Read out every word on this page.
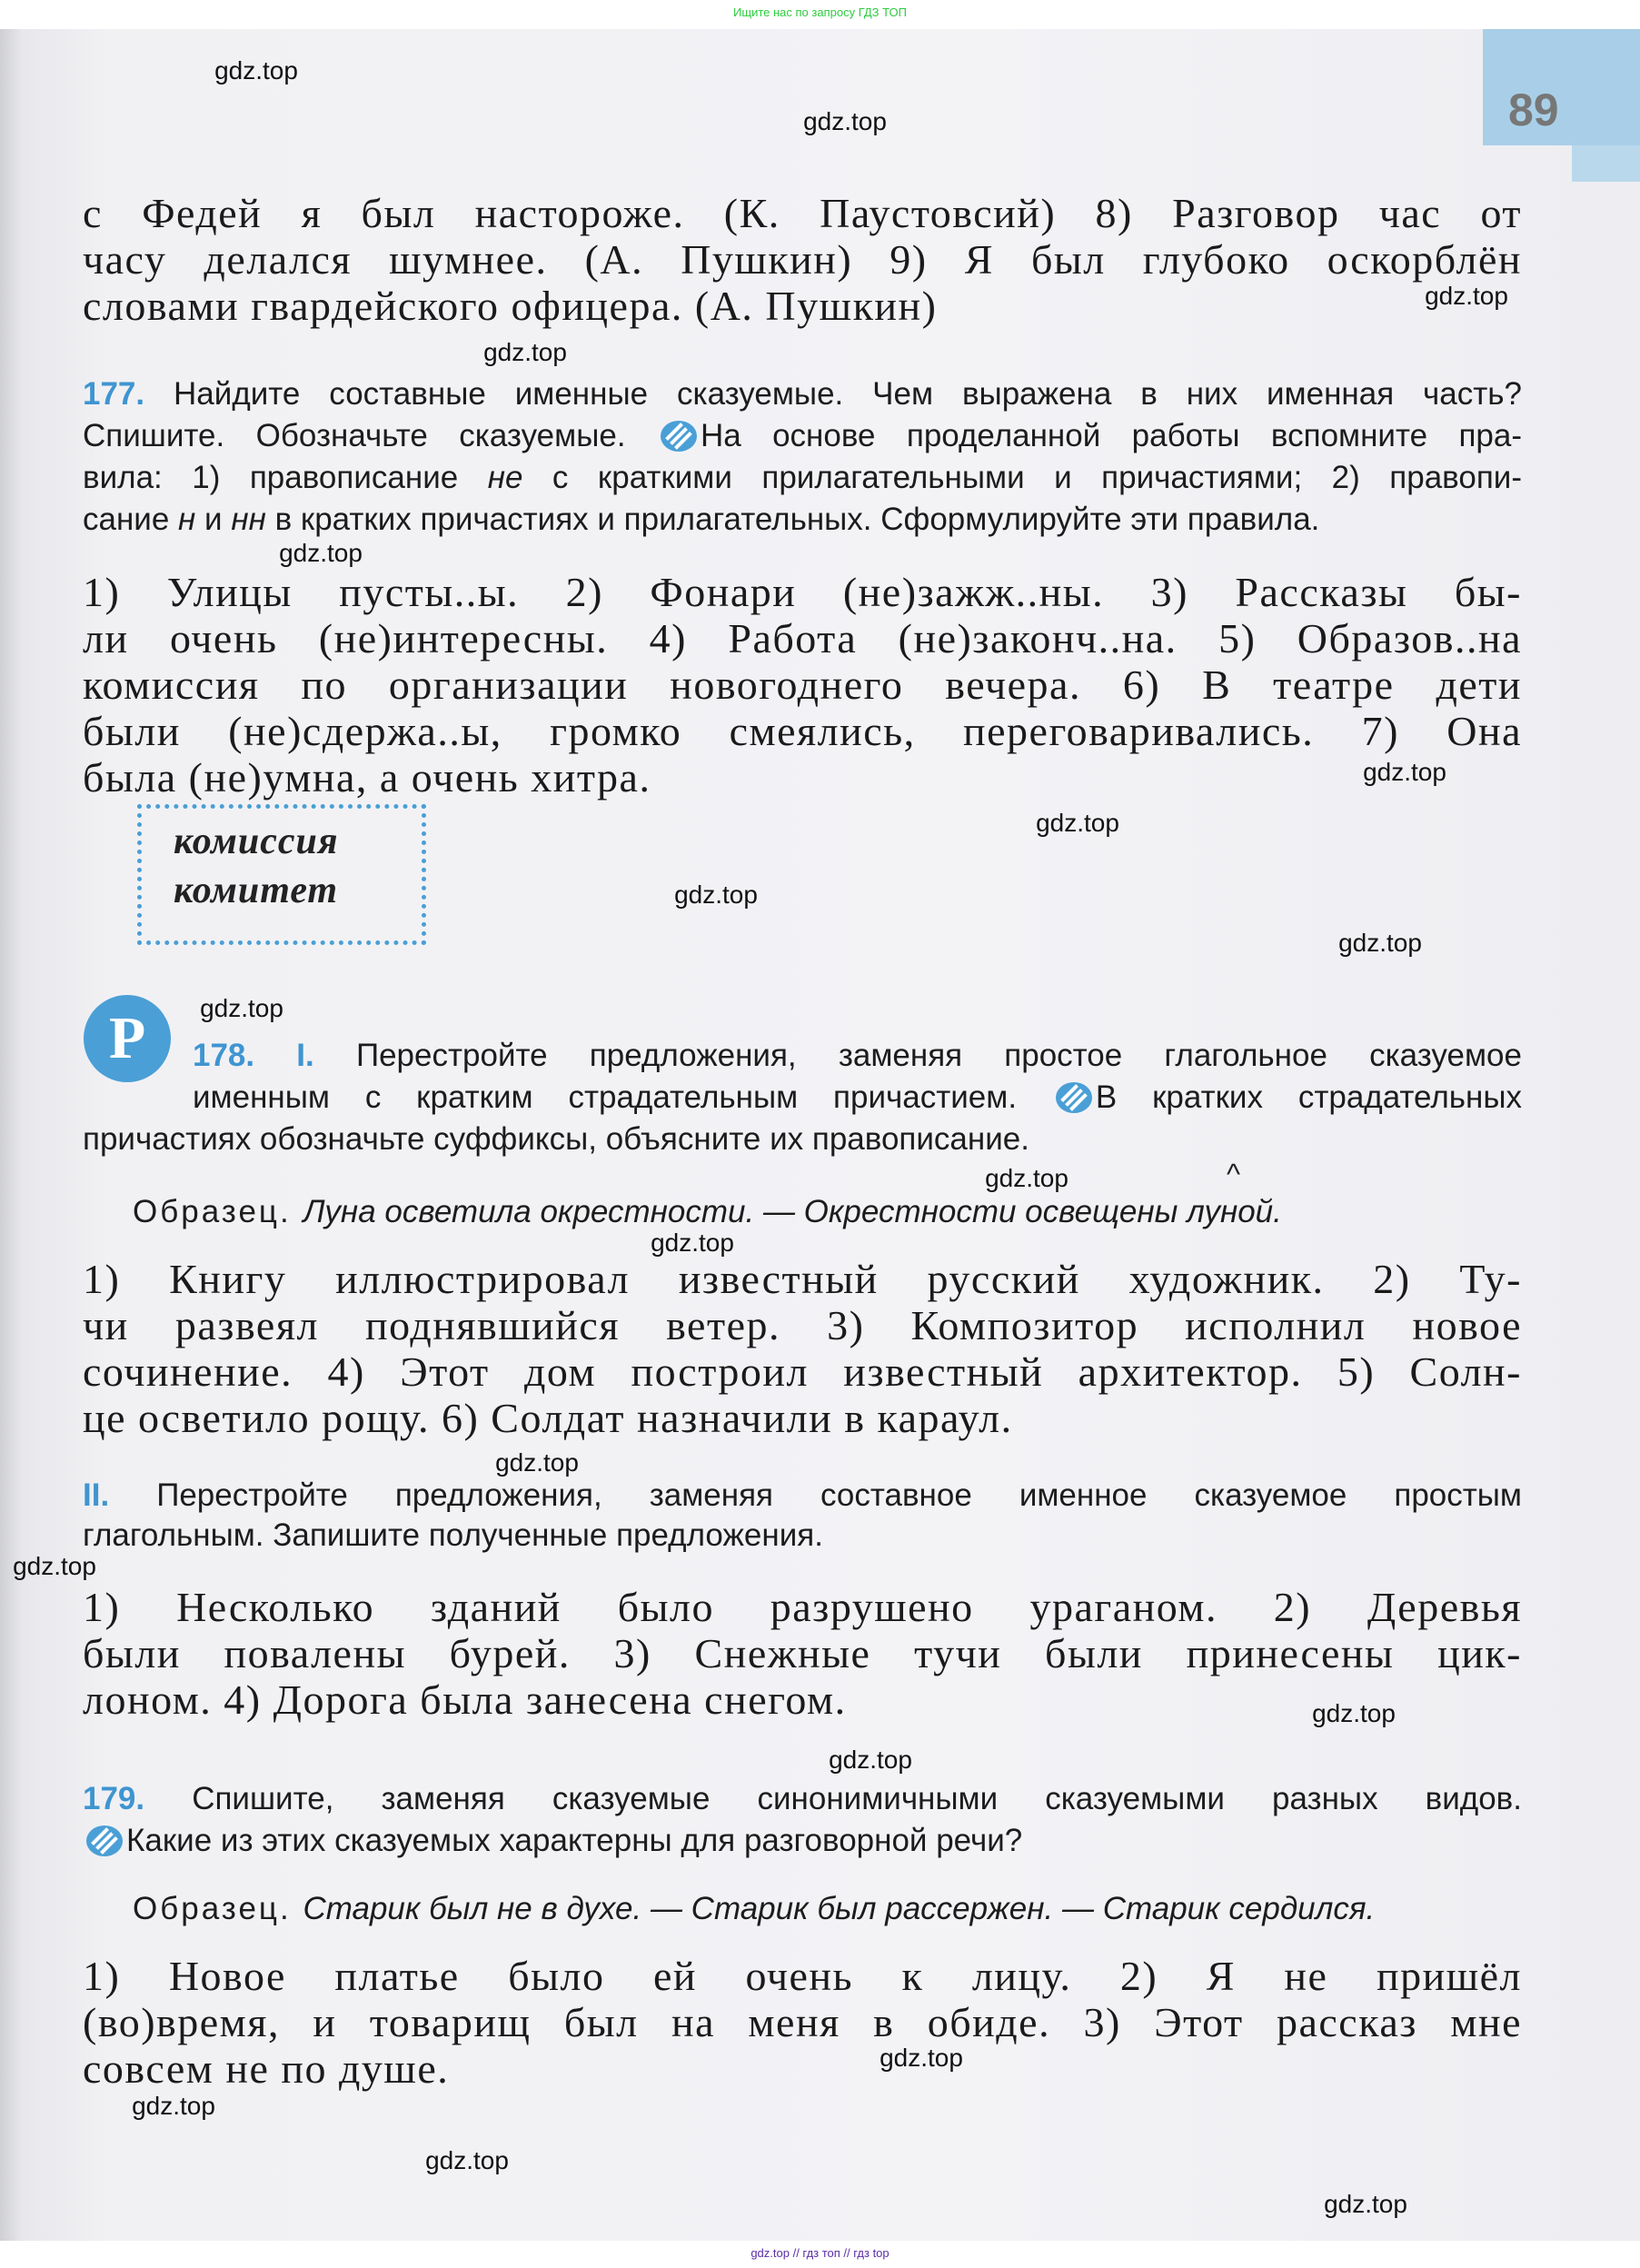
Ищите нас по запросу ГДЗ ТОП
89
комиссия
комитет
Р
^
с Федей я был настороже. (К. Паустовсий) 8) Разговор час от
часу делался шумнее. (А. Пушкин) 9) Я был глубоко оскорблён
словами гвардейского офицера. (А. Пушкин)
177. Найдите составные именные сказуемые. Чем выражена в них именная часть?
Спишите. Обозначьте сказуемые. На основе проделанной работы вспомните пра-
вила: 1) правописание не с краткими прилагательными и причастиями; 2) правопи-
сание н и нн в кратких причастиях и прилагательных. Сформулируйте эти правила.
1) Улицы пусты..ы. 2) Фонари (не)зажж..ны. 3) Рассказы бы-
ли очень (не)интересны. 4) Работа (не)законч..на. 5) Образов..на
комиссия по организации новогоднего вечера. 6) В театре дети
были (не)сдержа..ы, громко смеялись, переговаривались. 7) Она
была (не)умна, а очень хитра.
178. I. Перестройте предложения, заменяя простое глагольное сказуемое
именным с кратким страдательным причастием. В кратких страдательных
причастиях обозначьте суффиксы, объясните их правописание.
Образец. Луна осветила окрестности. — Окрестности освещены луной.
1) Книгу иллюстрировал известный русский художник. 2) Ту-
чи развеял поднявшийся ветер. 3) Композитор исполнил новое
сочинение. 4) Этот дом построил известный архитектор. 5) Солн-
це осветило рощу. 6) Солдат назначили в караул.
II. Перестройте предложения, заменяя составное именное сказуемое простым
глагольным. Запишите полученные предложения.
1) Несколько зданий было разрушено ураганом. 2) Деревья
были повалены бурей. 3) Снежные тучи были принесены цик-
лоном. 4) Дорога была занесена снегом.
179. Спишите, заменяя сказуемые синонимичными сказуемыми разных видов.
Какие из этих сказуемых характерны для разговорной речи?
Образец. Старик был не в духе. — Старик был рассержен. — Старик сердился.
1) Новое платье было ей очень к лицу. 2) Я не пришёл
(во)время, и товарищ был на меня в обиде. 3) Этот рассказ мне
совсем не по душе.
gdz.top
gdz.top
gdz.top
gdz.top
gdz.top
gdz.top
gdz.top
gdz.top
gdz.top
gdz.top
gdz.top
gdz.top
gdz.top
gdz.top
gdz.top
gdz.top
gdz.top
gdz.top
gdz.top
gdz.top
gdz.top // гдз топ // гдз top
